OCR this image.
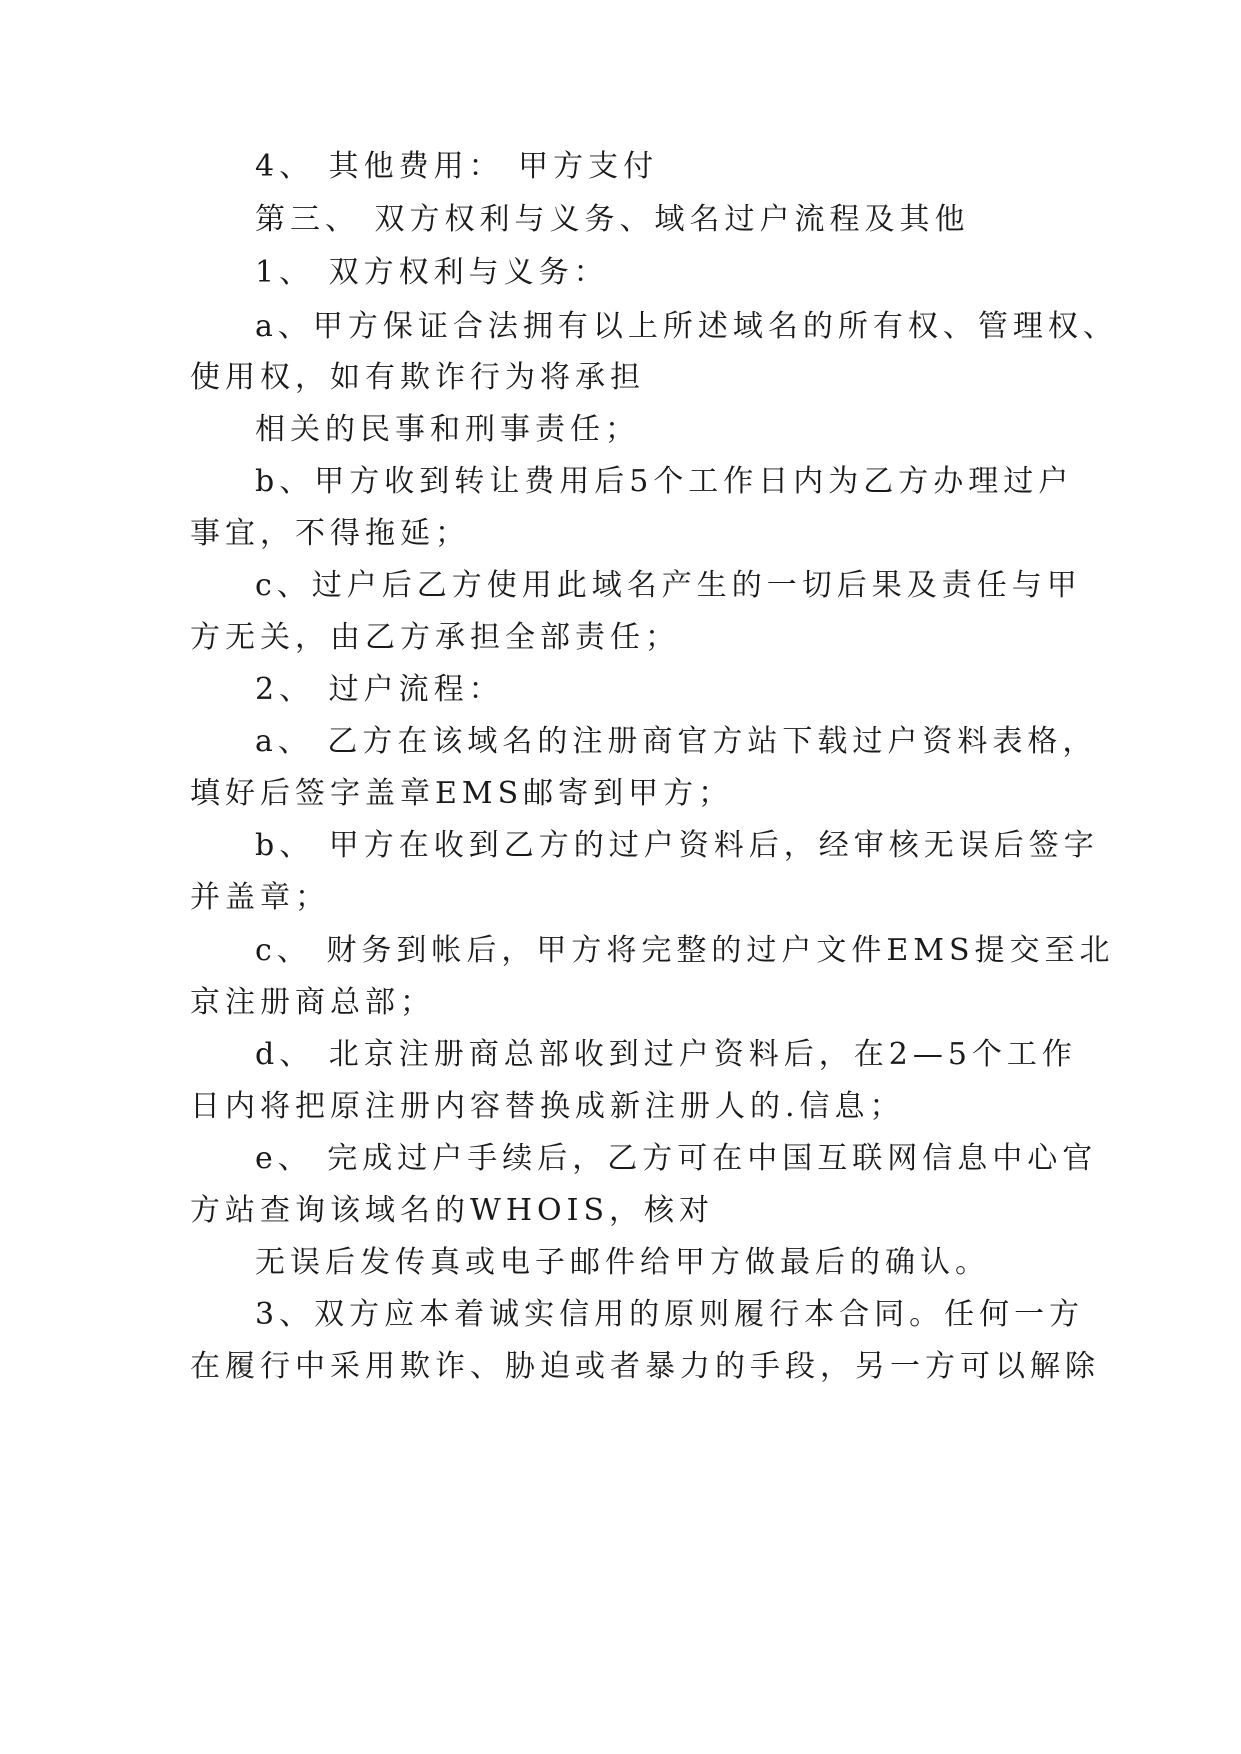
4、 其他费用： 甲方支付
第三、 双方权利与义务、域名过户流程及其他
1、 双方权利与义务：
a、甲方保证合法拥有以上所述域名的所有权、管理权、
使用权，如有欺诈行为将承担
相关的民事和刑事责任；
b、甲方收到转让费用后5个工作日内为乙方办理过户
事宜，不得拖延；
c、过户后乙方使用此域名产生的一切后果及责任与甲
方无关，由乙方承担全部责任；
2、 过户流程：
a、 乙方在该域名的注册商官方站下载过户资料表格，
填好后签字盖章EMS邮寄到甲方；
b、 甲方在收到乙方的过户资料后，经审核无误后签字
并盖章；
c、 财务到帐后，甲方将完整的过户文件EMS提交至北
京注册商总部；
d、 北京注册商总部收到过户资料后，在2—5个工作
日内将把原注册内容替换成新注册人的.信息；
e、 完成过户手续后，乙方可在中国互联网信息中心官
方站查询该域名的WHOIS，核对
无误后发传真或电子邮件给甲方做最后的确认。
3、双方应本着诚实信用的原则履行本合同。任何一方
在履行中采用欺诈、胁迫或者暴力的手段，另一方可以解除
